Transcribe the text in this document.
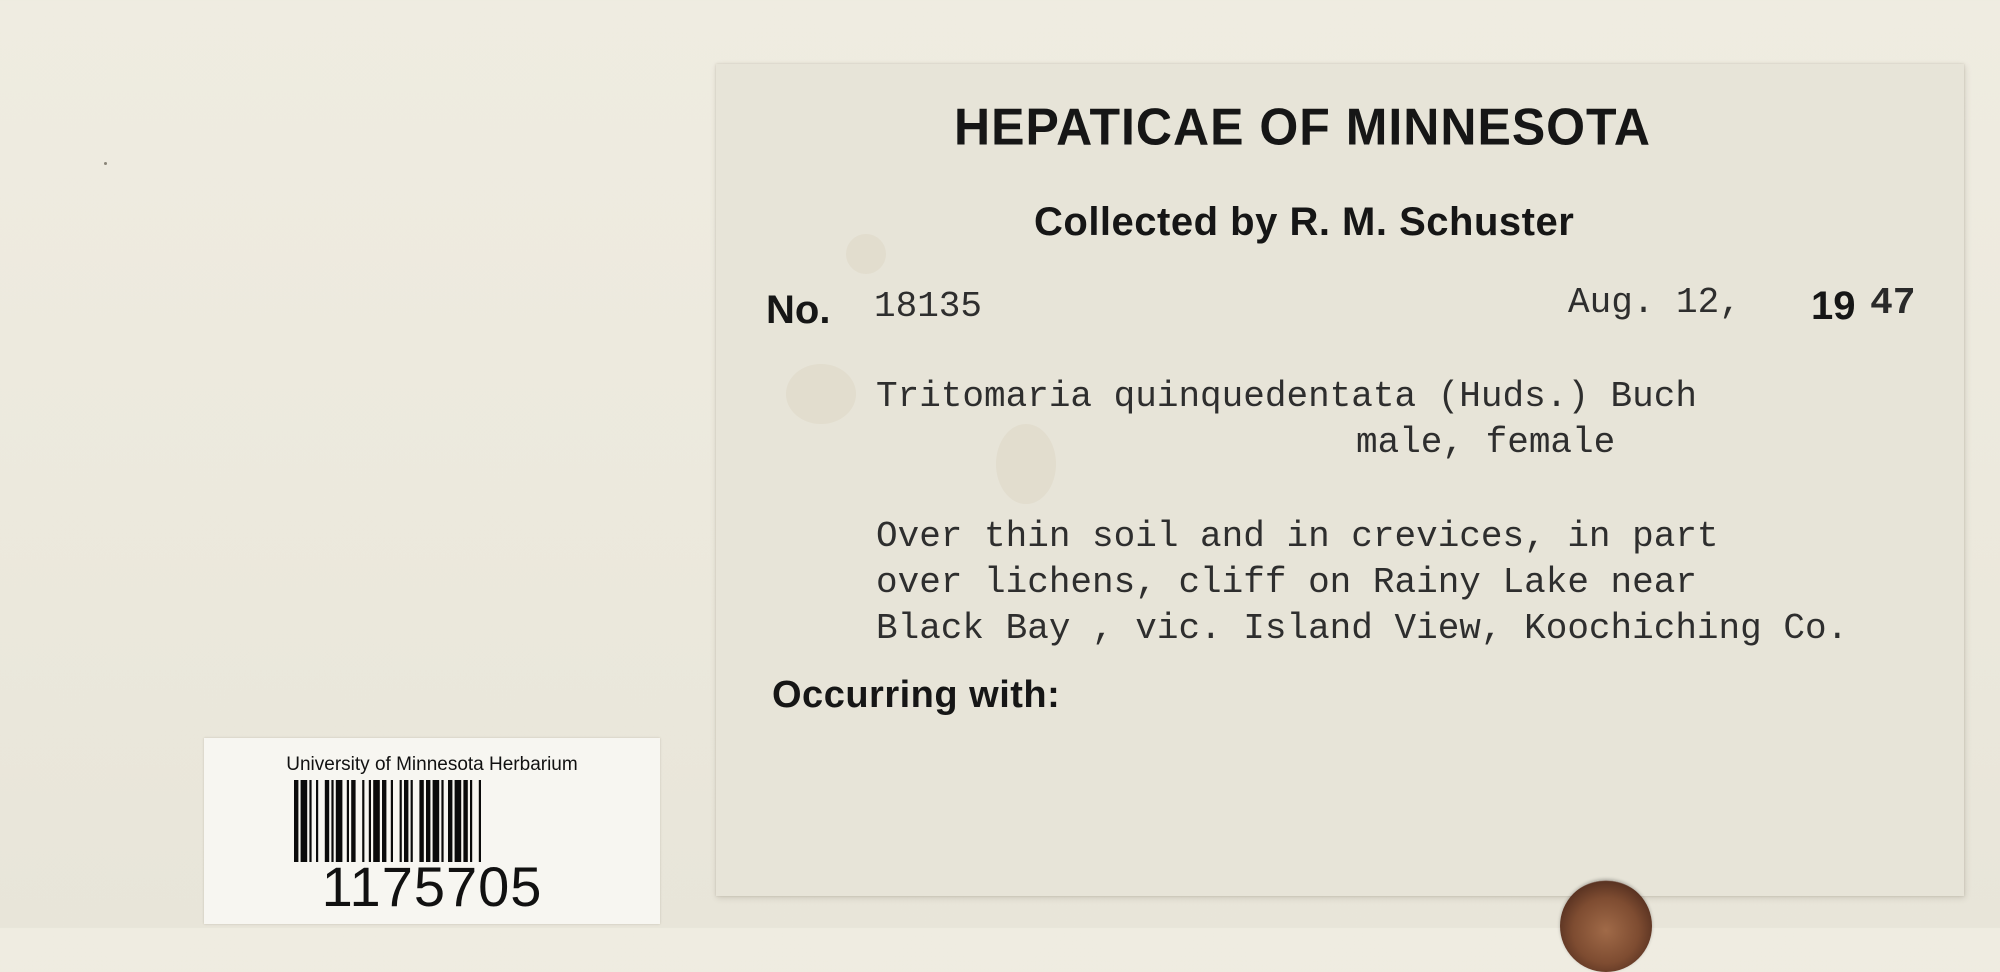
HEPATICAE OF MINNESOTA
Collected by R. M. Schuster
No. 18135	Aug. 12, 19 47
Tritomaria quinquedentata (Huds.) Buch
male, female
Over thin soil and in crevices, in part
over lichens, cliff on Rainy Lake near
Black Bay , vic. Island View, Koochiching Co.
Occurring with:
University of Minnesota Herbarium
1175705
